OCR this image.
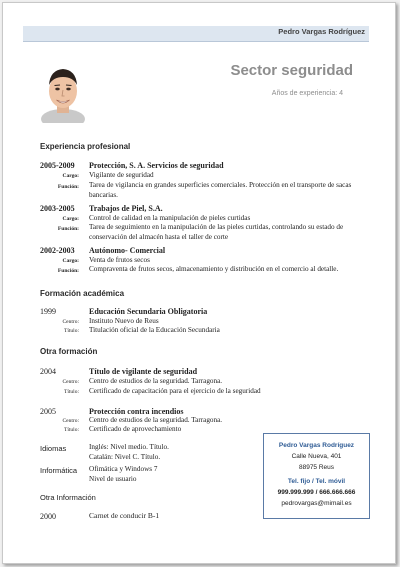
Pedro Vargas Rodríguez
Sector seguridad
Años de experiencia: 4
Experiencia profesional
2005-2009 Protección, S. A. Servicios de seguridad
Cargo: Vigilante de seguridad
Función: Tarea de vigilancia en grandes superficies comerciales. Protección en el transporte de sacas bancarias.
2003-2005 Trabajos de Piel, S.A.
Cargo: Control de calidad en la manipulación de pieles curtidas
Función: Tarea de seguimiento en la manipulación de las pieles curtidas, controlando su estado de conservación del almacén hasta el taller de corte
2002-2003 Autónomo- Comercial
Cargo: Venta de frutos secos
Función: Compraventa de frutos secos, almacenamiento y distribución en el comercio al detalle.
Formación académica
1999	Educación Secundaria Obligatoria
Centro: Instituto Nuevo de Reus
Título: Titulación oficial de la Educación Secundaria
Otra formación
2004	Título de vigilante de seguridad
Centro: Centro de estudios de la seguridad. Tarragona.
Título: Certificado de capacitación para el ejercicio de la seguridad
2005	Protección contra incendios
Centro: Centro de estudios de la seguridad. Tarragona.
Título: Certificado de aprovechamiento
Idiomas	Inglés: Nivel medio. Título.
Catalán: Nivel C. Título.
Informática Ofimática y Windows 7
Nivel de usuario
Otra Información
2000	Carnet de conducir B-1
Pedro Vargas Rodríguez
Calle Nueva, 401
88975 Reus
Tel. fijo / Tel. móvil
999.999.999 / 666.666.666
pedrovargas@mimail.es
